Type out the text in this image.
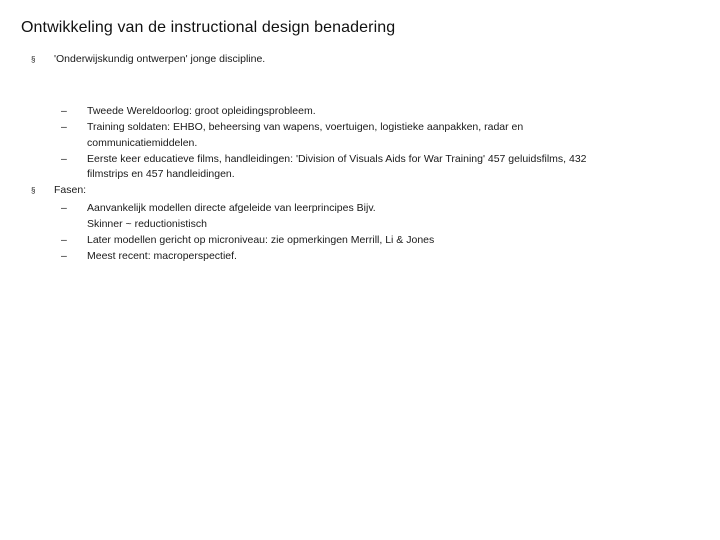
Ontwikkeling van de instructional design benadering
§ 'Onderwijskundig ontwerpen' jonge discipline.
– Tweede Wereldoorlog: groot opleidingsprobleem.
– Training soldaten: EHBO, beheersing van wapens, voertuigen, logistieke aanpakken, radar en communicatiemiddelen.
– Eerste keer educatieve films, handleidingen: 'Division of Visuals Aids for War Training' 457 geluidsfilms, 432 filmstrips en 457 handleidingen.
§ Fasen:
– Aanvankelijk modellen directe afgeleide van leerprincipes Bijv. Skinner ~ reductionistisch
– Later modellen gericht op microniveau: zie opmerkingen Merrill, Li & Jones
– Meest recent: macroperspectief.
